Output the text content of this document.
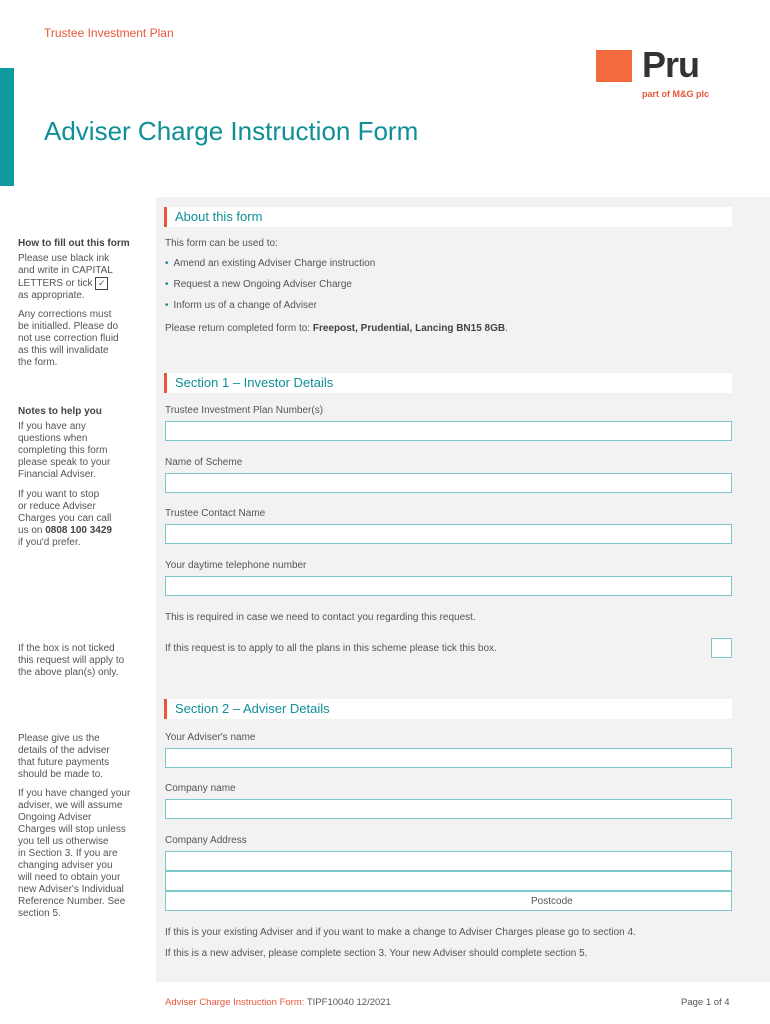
Trustee Investment Plan
Pru
part of M&G plc
Adviser Charge Instruction Form
About this form
This form can be used to:
• Amend an existing Adviser Charge instruction
• Request a new Ongoing Adviser Charge
• Inform us of a change of Adviser
Please return completed form to: Freepost, Prudential, Lancing BN15 8GB.
How to fill out this form
Please use black ink
and write in CAPITAL
LETTERS or tick ✓
as appropriate.
Any corrections must
be initialled. Please do
not use correction fluid
as this will invalidate
the form.
Notes to help you
If you have any
questions when
completing this form
please speak to your
Financial Adviser.
If you want to stop
or reduce Adviser
Charges you can call
us on 0808 100 3429
if you'd prefer.
If the box is not ticked
this request will apply to
the above plan(s) only.
Please give us the
details of the adviser
that future payments
should be made to.
If you have changed your
adviser, we will assume
Ongoing Adviser
Charges will stop unless
you tell us otherwise
in Section 3. If you are
changing adviser you
will need to obtain your
new Adviser's Individual
Reference Number. See
section 5.
Section 1 – Investor Details
Trustee Investment Plan Number(s)
Name of Scheme
Trustee Contact Name
Your daytime telephone number
This is required in case we need to contact you regarding this request.
If this request is to apply to all the plans in this scheme please tick this box.
Section 2 – Adviser Details
Your Adviser's name
Company name
Company Address
Postcode
If this is your existing Adviser and if you want to make a change to Adviser Charges please go to section 4.
If this is a new adviser, please complete section 3. Your new Adviser should complete section 5.
Adviser Charge Instruction Form: TIPF10040 12/2021	Page 1 of 4
